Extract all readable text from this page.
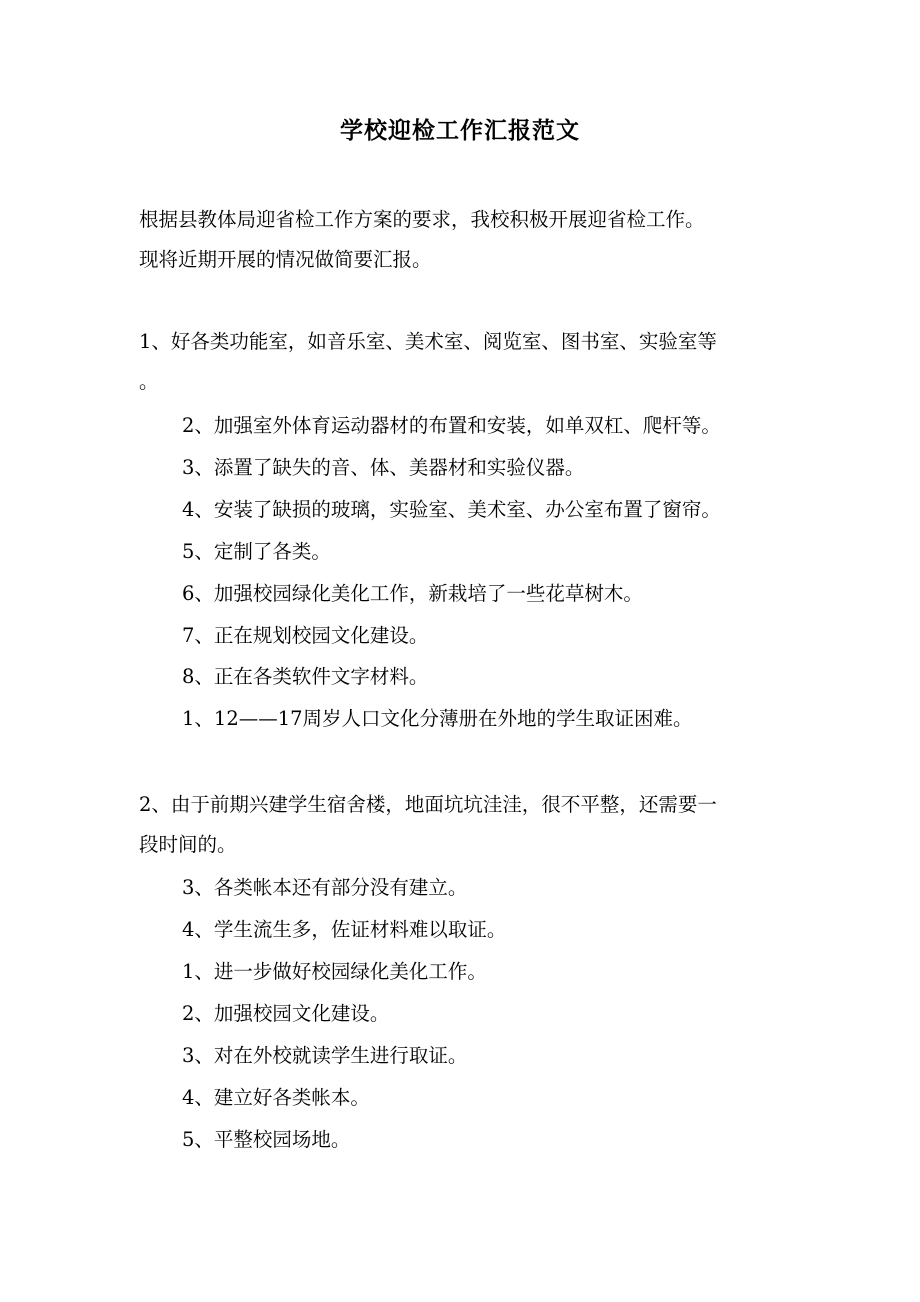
学校迎检工作汇报范文
根据县教体局迎省检工作方案的要求，我校积极开展迎省检工作。
现将近期开展的情况做简要汇报。
1、好各类功能室，如音乐室、美术室、阅览室、图书室、实验室等
。
2、加强室外体育运动器材的布置和安装，如单双杠、爬杆等。
3、添置了缺失的音、体、美器材和实验仪器。
4、安装了缺损的玻璃，实验室、美术室、办公室布置了窗帘。
5、定制了各类。
6、加强校园绿化美化工作，新栽培了一些花草树木。
7、正在规划校园文化建设。
8、正在各类软件文字材料。
1、12——17周岁人口文化分薄册在外地的学生取证困难。
2、由于前期兴建学生宿舍楼，地面坑坑洼洼，很不平整，还需要一
段时间的。
3、各类帐本还有部分没有建立。
4、学生流生多，佐证材料难以取证。
1、进一步做好校园绿化美化工作。
2、加强校园文化建设。
3、对在外校就读学生进行取证。
4、建立好各类帐本。
5、平整校园场地。
